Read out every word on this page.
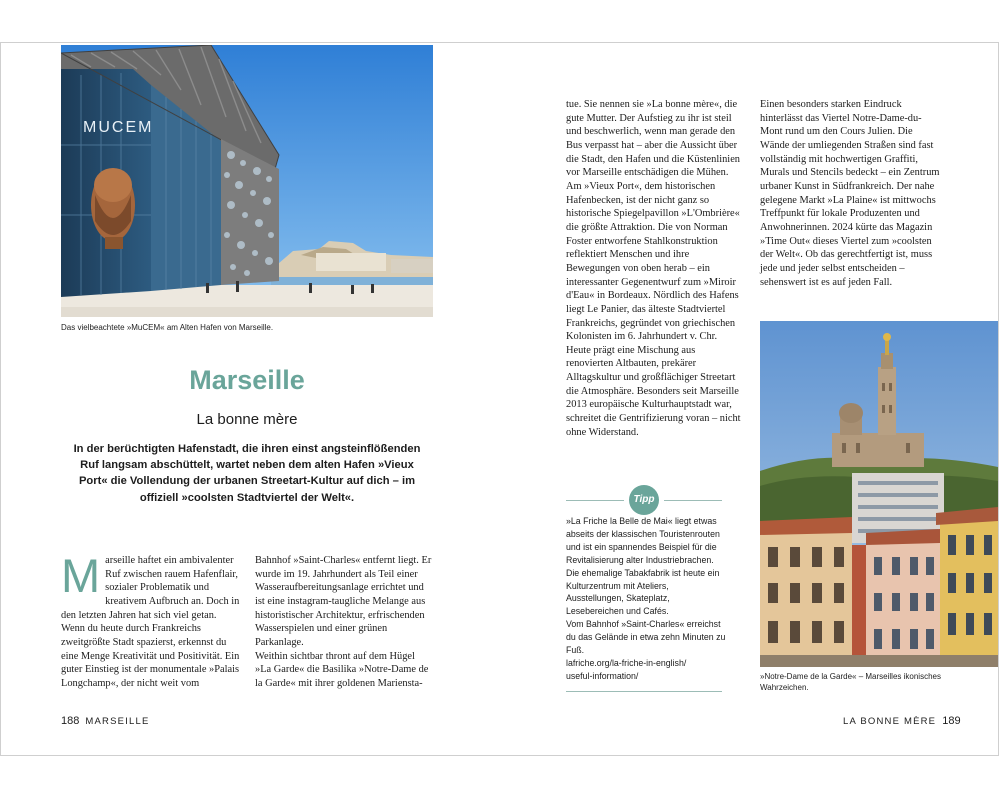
MUCEM
Das vielbeachtete »MuCEM« am Alten Hafen von Marseille.
Marseille
La bonne mère
In der berüchtigten Hafenstadt, die ihren einst angsteinflößenden Ruf langsam abschüttelt, wartet neben dem alten Hafen »Vieux Port« die Vollendung der urbanen Streetart-Kultur auf dich – im offiziell »coolsten Stadtviertel der Welt«.
M arseille haftet ein ambivalenter Ruf zwischen rauem Hafenflair, sozialer Problematik und kreativem Aufbruch an. Doch in den letzten Jahren hat sich viel getan. Wenn du heute durch Frankreichs zweitgrößte Stadt spazierst, erkennst du eine Menge Kreativität und Positivität. Ein guter Einstieg ist der monumentale »Palais Longchamp«, der nicht weit vom

Bahnhof »Saint-Charles« entfernt liegt. Er wurde im 19. Jahrhundert als Teil einer Wasseraufbereitungsanlage errichtet und ist eine instagram-taugliche Melange aus historistischer Architektur, erfrischenden Wasserspielen und einer grünen Parkanlage.

Weithin sichtbar thront auf dem Hügel »La Garde« die Basilika »Notre-Dame de la Garde« mit ihrer goldenen Mariensta-

188 MARSEILLE

tue. Sie nennen sie »La bonne mère«, die gute Mutter. Der Aufstieg zu ihr ist steil und beschwerlich, wenn man gerade den Bus verpasst hat – aber die Aussicht über die Stadt, den Hafen und die Küstenlinien vor Marseille entschädigen die Mühen.

Am »Vieux Port«, dem historischen Hafenbecken, ist der nicht ganz so historische Spiegelpavillon »L'Ombrière« die größte Attraktion. Die von Norman Foster entworfene Stahlkonstruktion reflektiert Menschen und ihre Bewegungen von oben herab – ein interessanter Gegenentwurf zum »Miroir d'Eau« in Bordeaux. Nördlich des Hafens liegt Le Panier, das älteste Stadtviertel Frankreichs, gegründet von griechischen Kolonisten im 6. Jahrhundert v. Chr. Heute prägt eine Mischung aus renovierten Altbauten, prekärer Alltagskultur und großflächiger Streetart die Atmosphäre. Besonders seit Marseille 2013 europäische Kulturhauptstadt war, schreitet die Gentrifizierung voran – nicht ohne Widerstand.

Tipp

»La Friche la Belle de Mai« liegt etwas abseits der klassischen Touristenrouten und ist ein spannendes Beispiel für die Revitalisierung alter Industriebrachen. Die ehemalige Tabakfabrik ist heute ein Kulturzentrum mit Ateliers, Ausstellungen, Skateplatz, Lesebereichen und Cafés.

Vom Bahnhof »Saint-Charles« erreichst du das Gelände in etwa zehn Minuten zu Fuß.

lafriche.org/la-friche-in-english/

useful-information/

Einen besonders starken Eindruck hinterlässt das Viertel Notre-Dame-du-Mont rund um den Cours Julien. Die Wände der umliegenden Straßen sind fast vollständig mit hochwertigen Graffiti, Murals und Stencils bedeckt – ein Zentrum urbaner Kunst in Südfrankreich. Der nahe gelegene Markt »La Plaine« ist mittwochs Treffpunkt für lokale Produzenten und Anwohnerinnen. 2024 kürte das Magazin »Time Out« dieses Viertel zum »coolsten der Welt«. Ob das gerechtfertigt ist, muss jede und jeder selbst entscheiden – sehenswert ist es auf jeden Fall.

»Notre-Dame de la Garde« – Marseilles ikonisches Wahrzeichen.
LA BONNE MÈRE 189
